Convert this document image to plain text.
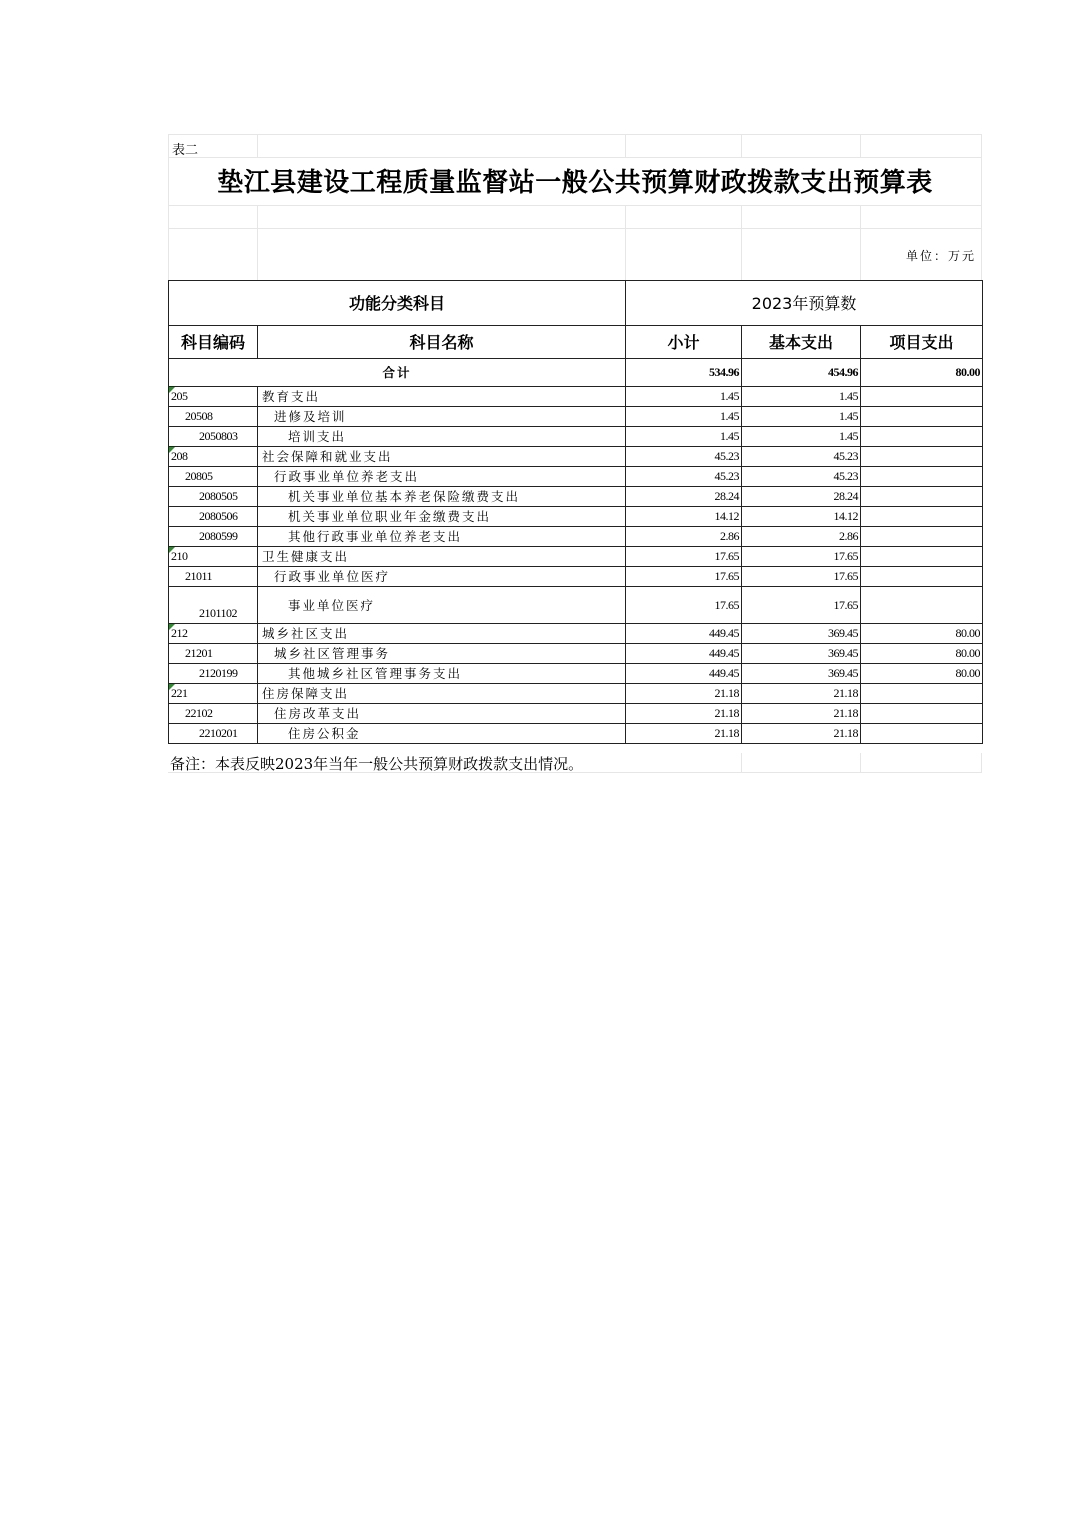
表二
垫江县建设工程质量监督站一般公共预算财政拨款支出预算表
单位：万元
功能分类科目		2023年预算数		
科目编码	科目名称	小计	基本支出	项目支出
合计		534.96	454.96	80.00
205	教育支出	1.45	1.45	
20508	进修及培训	1.45	1.45	
2050803	培训支出	1.45	1.45	
208	社会保障和就业支出	45.23	45.23	
20805	行政事业单位养老支出	45.23	45.23	
2080505	机关事业单位基本养老保险缴费支出	28.24	28.24	
2080506	机关事业单位职业年金缴费支出	14.12	14.12	
2080599	其他行政事业单位养老支出	2.86	2.86	
210	卫生健康支出	17.65	17.65	
21011	行政事业单位医疗	17.65	17.65	
2101102	事业单位医疗	17.65	17.65	
212	城乡社区支出	449.45	369.45	80.00
21201	城乡社区管理事务	449.45	369.45	80.00
2120199	其他城乡社区管理事务支出	449.45	369.45	80.00
221	住房保障支出	21.18	21.18	
22102	住房改革支出	21.18	21.18	
2210201	住房公积金	21.18	21.18	
备注：本表反映2023年当年一般公共预算财政拨款支出情况。
